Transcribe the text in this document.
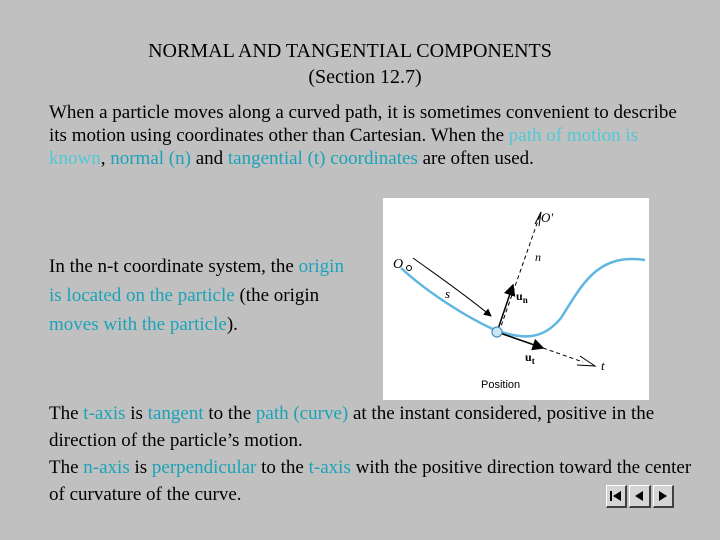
NORMAL AND TANGENTIAL COMPONENTS
(Section 12.7)
When a particle moves along a curved path, it is sometimes convenient to describe its motion using coordinates other than Cartesian. When the path of motion is known, normal (n) and tangential (t) coordinates are often used.
In the n-t coordinate system, the origin is located on the particle (the origin moves with the particle).
O
s
O′
n
$u_n$
$u_t$	t
Position
The t-axis is tangent to the path (curve) at the instant considered, positive in the direction of the particle’s motion.
The n-axis is perpendicular to the t-axis with the positive direction toward the center of curvature of the curve.
